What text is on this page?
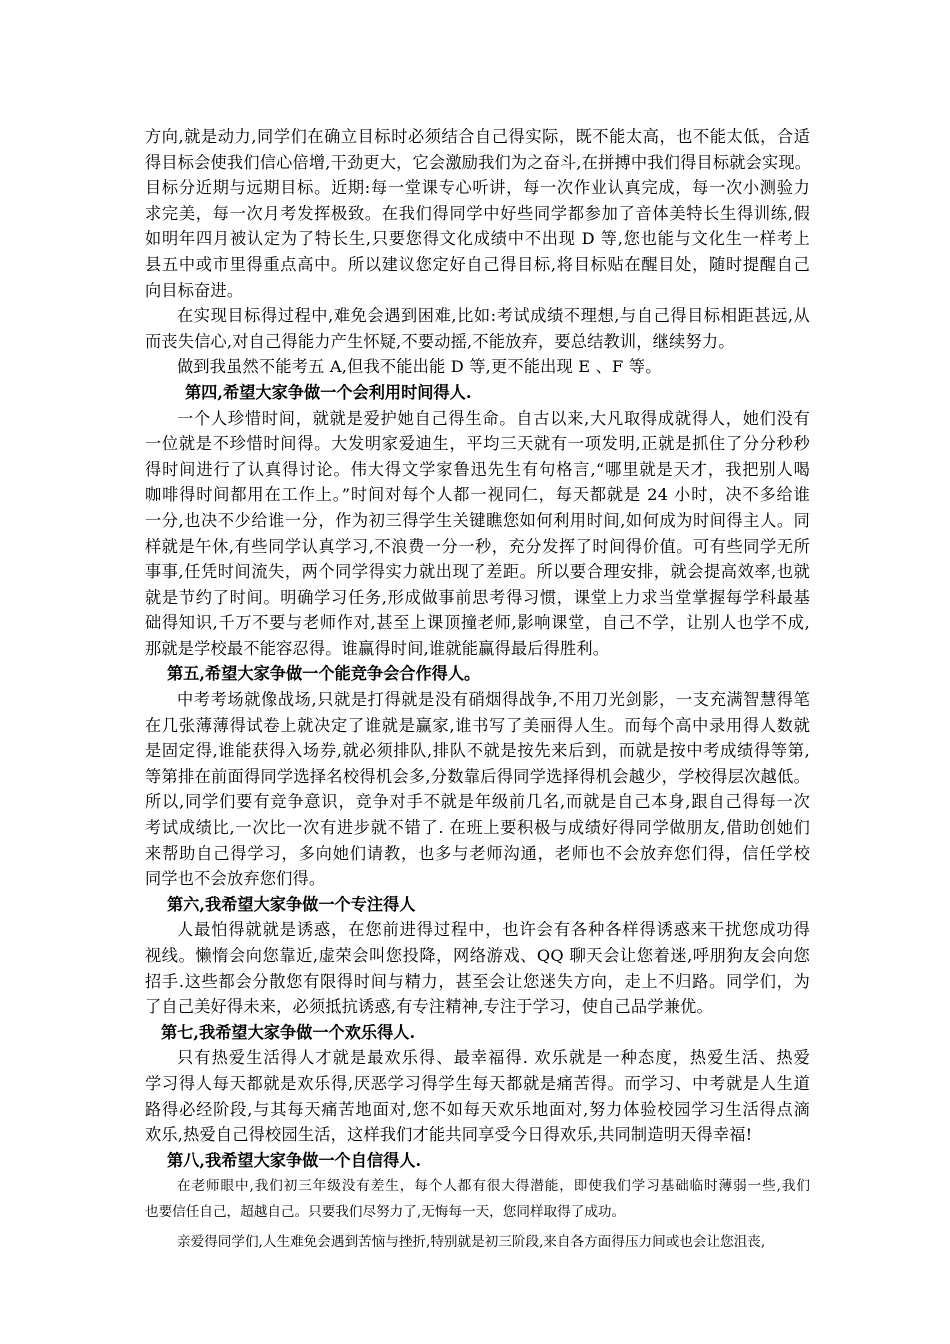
方向,就是动力,同学们在确立目标时必须结合自己得实际，既不能太高，也不能太低，合适
得目标会使我们信心倍增,干劲更大，它会激励我们为之奋斗,在拼搏中我们得目标就会实现。
目标分近期与远期目标。近期:每一堂课专心听讲，每一次作业认真完成，每一次小测验力
求完美，每一次月考发挥极致。在我们得同学中好些同学都参加了音体美特长生得训练,假
如明年四月被认定为了特长生,只要您得文化成绩中不出现 D 等,您也能与文化生一样考上
县五中或市里得重点高中。所以建议您定好自己得目标,将目标贴在醒目处，随时提醒自己
向目标奋进。
在实现目标得过程中,难免会遇到困难,比如:考试成绩不理想,与自己得目标相距甚远,从
而丧失信心,对自己得能力产生怀疑,不要动摇,不能放弃，要总结教训，继续努力。
做到我虽然不能考五 A,但我不能出能 D 等,更不能出现 E 、F 等。
第四,希望大家争做一个会利用时间得人.
一个人珍惜时间，就就是爱护她自己得生命。自古以来,大凡取得成就得人，她们没有
一位就是不珍惜时间得。大发明家爱迪生，平均三天就有一项发明,正就是抓住了分分秒秒
得时间进行了认真得讨论。伟大得文学家鲁迅先生有句格言,“哪里就是天才，我把别人喝
咖啡得时间都用在工作上。”时间对每个人都一视同仁，每天都就是 24 小时，决不多给谁
一分,也决不少给谁一分，作为初三得学生关键瞧您如何利用时间,如何成为时间得主人。同
样就是午休,有些同学认真学习,不浪费一分一秒，充分发挥了时间得价值。可有些同学无所
事事,任凭时间流失，两个同学得实力就出现了差距。所以要合理安排，就会提高效率,也就
就是节约了时间。明确学习任务,形成做事前思考得习惯，课堂上力求当堂掌握每学科最基
础得知识,千万不要与老师作对,甚至上课顶撞老师,影响课堂，自己不学，让别人也学不成,
那就是学校最不能容忍得。谁赢得时间,谁就能赢得最后得胜利。
第五,希望大家争做一个能竞争会合作得人。
中考考场就像战场,只就是打得就是没有硝烟得战争,不用刀光剑影，一支充满智慧得笔
在几张薄薄得试卷上就决定了谁就是赢家,谁书写了美丽得人生。而每个高中录用得人数就
是固定得,谁能获得入场券,就必须排队,排队不就是按先来后到，而就是按中考成绩得等第,
等第排在前面得同学选择名校得机会多,分数靠后得同学选择得机会越少，学校得层次越低。
所以,同学们要有竞争意识，竞争对手不就是年级前几名,而就是自己本身,跟自己得每一次
考试成绩比,一次比一次有进步就不错了. 在班上要积极与成绩好得同学做朋友,借助创她们
来帮助自己得学习，多向她们请教，也多与老师沟通，老师也不会放弃您们得，信任学校
同学也不会放弃您们得。
第六,我希望大家争做一个专注得人
人最怕得就就是诱惑，在您前进得过程中，也许会有各种各样得诱惑来干扰您成功得
视线。懒惰会向您靠近,虚荣会叫您投降，网络游戏、QQ 聊天会让您着迷,呼朋狗友会向您
招手.这些都会分散您有限得时间与精力，甚至会让您迷失方向，走上不归路。同学们，为
了自己美好得未来，必须抵抗诱惑,有专注精神,专注于学习，使自己品学兼优。
第七,我希望大家争做一个欢乐得人.
只有热爱生活得人才就是最欢乐得、最幸福得. 欢乐就是一种态度，热爱生活、热爱
学习得人每天都就是欢乐得,厌恶学习得学生每天都就是痛苦得。而学习、中考就是人生道
路得必经阶段,与其每天痛苦地面对,您不如每天欢乐地面对,努力体验校园学习生活得点滴
欢乐,热爱自己得校园生活，这样我们才能共同享受今日得欢乐,共同制造明天得幸福!
第八,我希望大家争做一个自信得人.
在老师眼中,我们初三年级没有差生，每个人都有很大得潜能，即使我们学习基础临时薄弱一些,我们
也要信任自己，超越自己。只要我们尽努力了,无悔每一天，您同样取得了成功。
亲爱得同学们,人生难免会遇到苦恼与挫折,特别就是初三阶段,来自各方面得压力间或也会让您沮丧,
